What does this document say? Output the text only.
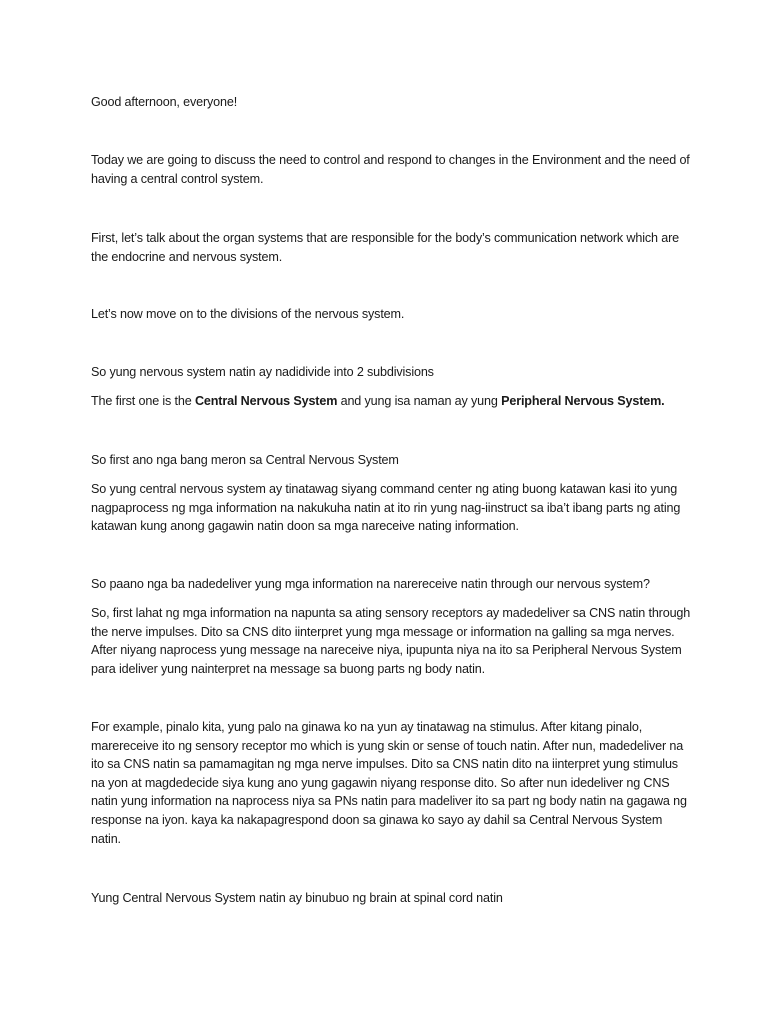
Good afternoon, everyone!

Today we are going to discuss the need to control and respond to changes in the Environment and the need of having a central control system.

First, let’s talk about the organ systems that are responsible for the body’s communication network which are the endocrine and nervous system.

Let’s now move on to the divisions of the nervous system.

So yung nervous system natin ay nadidivide into 2 subdivisions

The first one is the Central Nervous System and yung isa naman ay yung Peripheral Nervous System.

So first ano nga bang meron sa Central Nervous System

So yung central nervous system ay tinatawag siyang command center ng ating buong katawan kasi ito yung nagpaprocess ng mga information na nakukuha natin at ito rin yung nag-iinstruct sa iba’t ibang parts ng ating katawan kung anong gagawin natin doon sa mga nareceive nating information.

So paano nga ba nadedeliver yung mga information na narereceive natin through our nervous system?

So, first lahat ng mga information na napunta sa ating sensory receptors ay madedeliver sa CNS natin through the nerve impulses. Dito sa CNS dito iinterpret yung mga message or information na galling sa mga nerves. After niyang naprocess yung message na nareceive niya, ipupunta niya na ito sa Peripheral Nervous System para ideliver yung nainterpret na message sa buong parts ng body natin.

For example, pinalo kita, yung palo na ginawa ko na yun ay tinatawag na stimulus. After kitang pinalo, marereceive ito ng sensory receptor mo which is yung skin or sense of touch natin. After nun, madedeliver na ito sa CNS natin sa pamamagitan ng mga nerve impulses. Dito sa CNS natin dito na iinterpret yung stimulus na yon at magdedecide siya kung ano yung gagawin niyang response dito. So after nun idedeliver ng CNS natin yung information na naprocess niya sa PNs natin para madeliver ito sa part ng body natin na gagawa ng response na iyon. kaya ka nakapagrespond doon sa ginawa ko sayo ay dahil sa Central Nervous System natin.

Yung Central Nervous System natin ay binubuo ng brain at spinal cord natin
